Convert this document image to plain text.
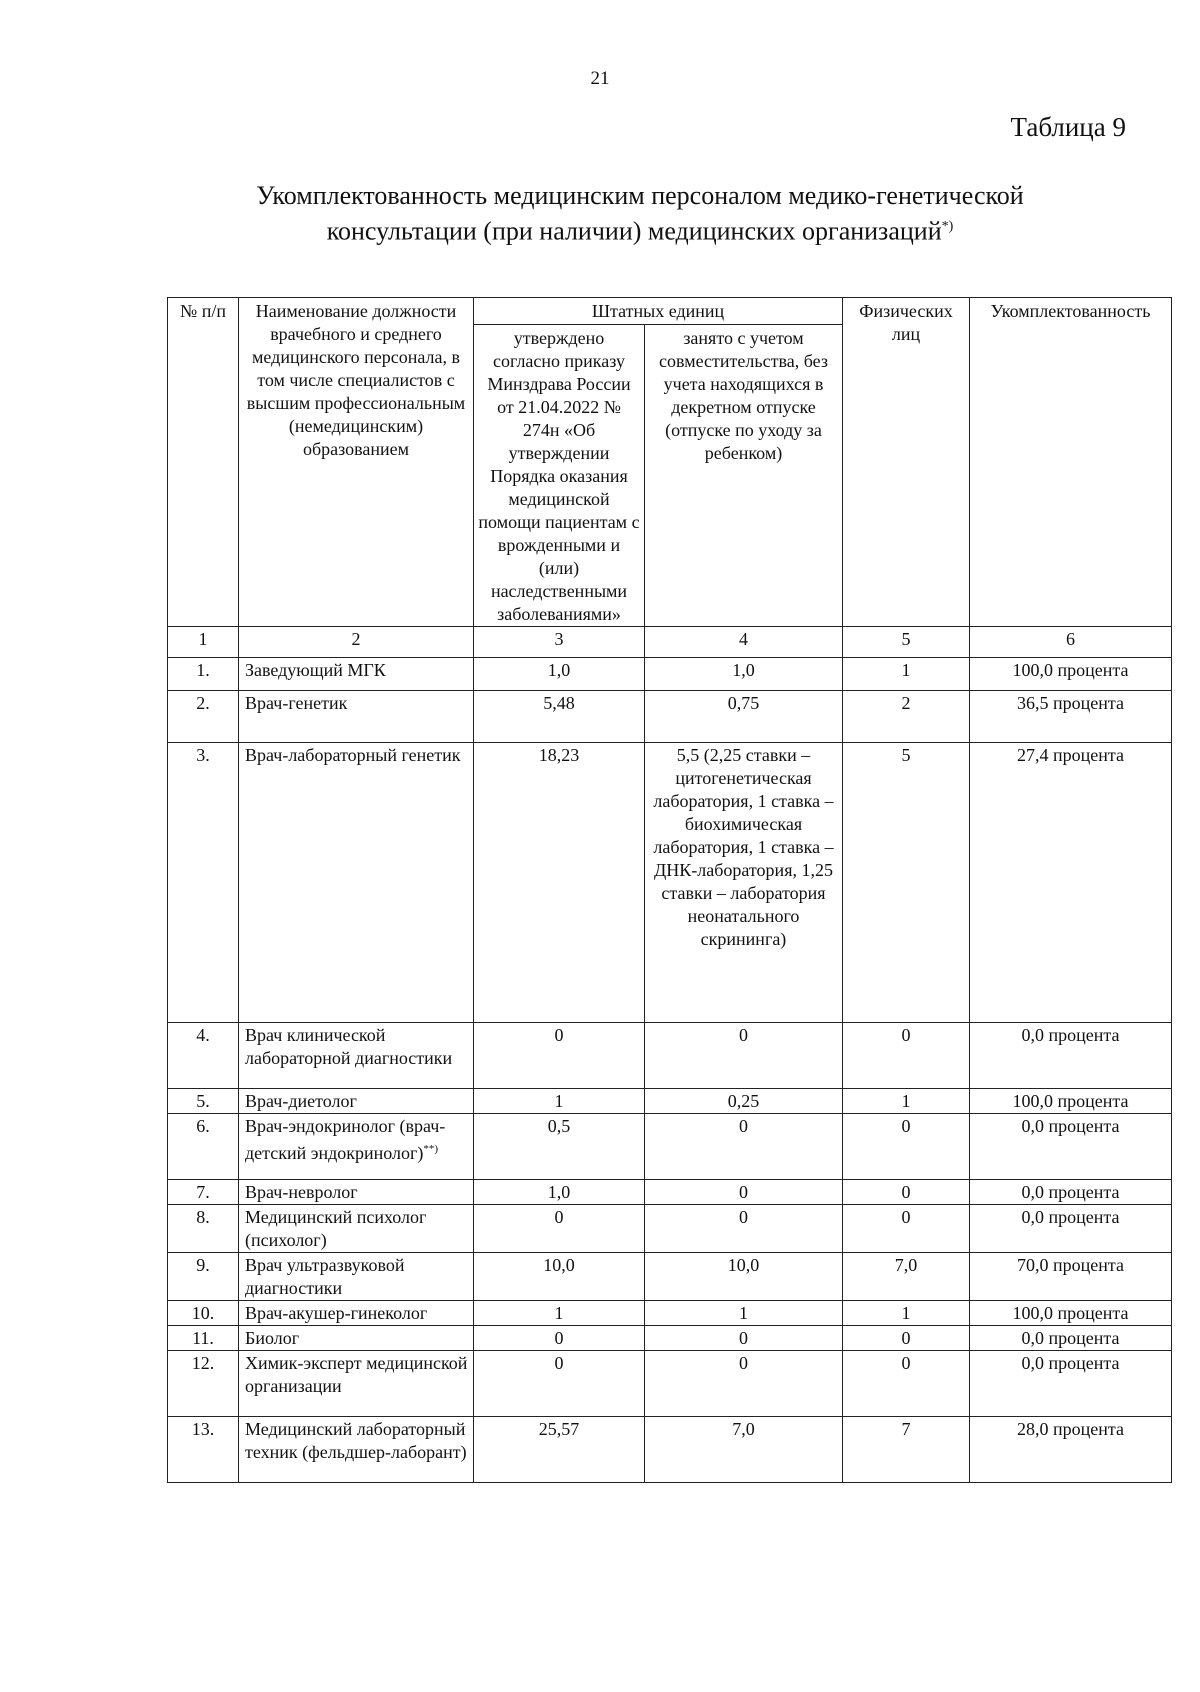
21
Таблица 9
Укомплектованность медицинским персоналом медико-генетической
консультации (при наличии) медицинских организаций*)
№ п/п	Наименование должности врачебного и среднего медицинского персонала, в том числе специалистов с высшим профессиональным (немедицинским) образованием	Штатных единиц		Физических лиц	Укомплектованность
		утверждено согласно приказу Минздрава России от 21.04.2022 № 274н «Об утверждении Порядка оказания медицинской помощи пациентам с врожденными и (или) наследственными заболеваниями»	занято с учетом совместительства, без учета находящихся в декретном отпуске (отпуске по уходу за ребенком)		
1	2	3	4	5	6
1.	Заведующий МГК	1,0	1,0	1	100,0 процента
2.	Врач-генетик	5,48	0,75	2	36,5 процента
3.	Врач-лабораторный генетик	18,23	5,5 (2,25 ставки – цитогенетическая лаборатория, 1 ставка – биохимическая лаборатория, 1 ставка – ДНК-лаборатория, 1,25 ставки – лаборатория неонатального скрининга)	5	27,4 процента
4.	Врач клинической лабораторной диагностики	0	0	0	0,0 процента
5.	Врач-диетолог	1	0,25	1	100,0 процента
6.	Врач-эндокринолог (врач-детский эндокринолог)**)	0,5	0	0	0,0 процента
7.	Врач-невролог	1,0	0	0	0,0 процента
8.	Медицинский психолог (психолог)	0	0	0	0,0 процента
9.	Врач ультразвуковой диагностики	10,0	10,0	7,0	70,0 процента
10.	Врач-акушер-гинеколог	1	1	1	100,0 процента
11.	Биолог	0	0	0	0,0 процента
12.	Химик-эксперт медицинской организации	0	0	0	0,0 процента
13.	Медицинский лабораторный техник (фельдшер-лаборант)	25,57	7,0	7	28,0 процента
